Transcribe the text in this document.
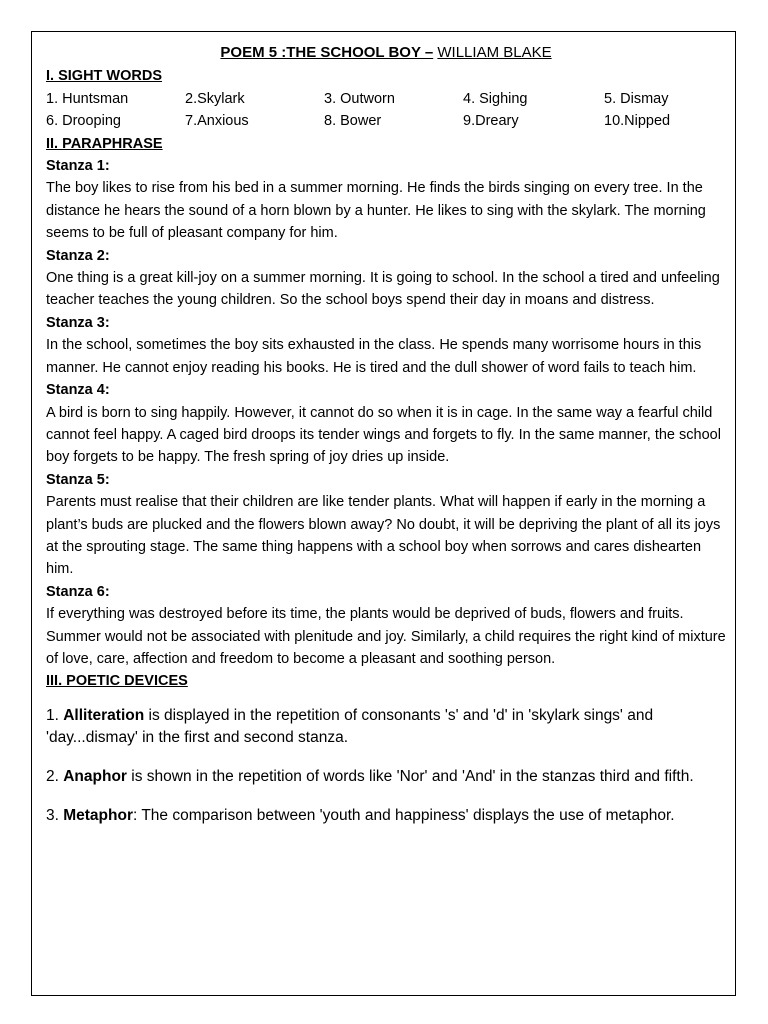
POEM 5 :THE SCHOOL BOY – WILLIAM BLAKE

I. SIGHT WORDS

1. Huntsman	2.Skylark	3. Outworn	4. Sighing	5. Dismay
6. Drooping	7.Anxious	8. Bower	9.Dreary	10.Nipped

II. PARAPHRASE

Stanza 1:

The boy likes to rise from his bed in a summer morning. He finds the birds singing on every tree. In the distance he hears the sound of a horn blown by a hunter. He likes to sing with the skylark. The morning seems to be full of pleasant company for him.

Stanza 2:

One thing is a great kill-joy on a summer morning. It is going to school. In the school a tired and unfeeling teacher teaches the young children. So the school boys spend their day in moans and distress.

Stanza 3:

In the school, sometimes the boy sits exhausted in the class. He spends many worrisome hours in this manner. He cannot enjoy reading his books. He is tired and the dull shower of word fails to teach him.

Stanza 4:

A bird is born to sing happily. However, it cannot do so when it is in cage. In the same way a fearful child cannot feel happy. A caged bird droops its tender wings and forgets to fly. In the same manner, the school boy forgets to be happy. The fresh spring of joy dries up inside.

Stanza 5:

Parents must realise that their children are like tender plants. What will happen if early in the morning a plant’s buds are plucked and the flowers blown away? No doubt, it will be depriving the plant of all its joys at the sprouting stage. The same thing happens with a school boy when sorrows and cares dishearten him.

Stanza 6:

If everything was destroyed before its time, the plants would be deprived of buds, flowers and fruits. Summer would not be associated with plenitude and joy. Similarly, a child requires the right kind of mixture of love, care, affection and freedom to become a pleasant and soothing person.

III. POETIC DEVICES

1. Alliteration is displayed in the repetition of consonants 's' and 'd' in 'skylark sings' and 'day...dismay' in the first and second stanza.

2. Anaphor is shown in the repetition of words like 'Nor' and 'And' in the stanzas third and fifth.

3. Metaphor: The comparison between 'youth and happiness' displays the use of metaphor.
